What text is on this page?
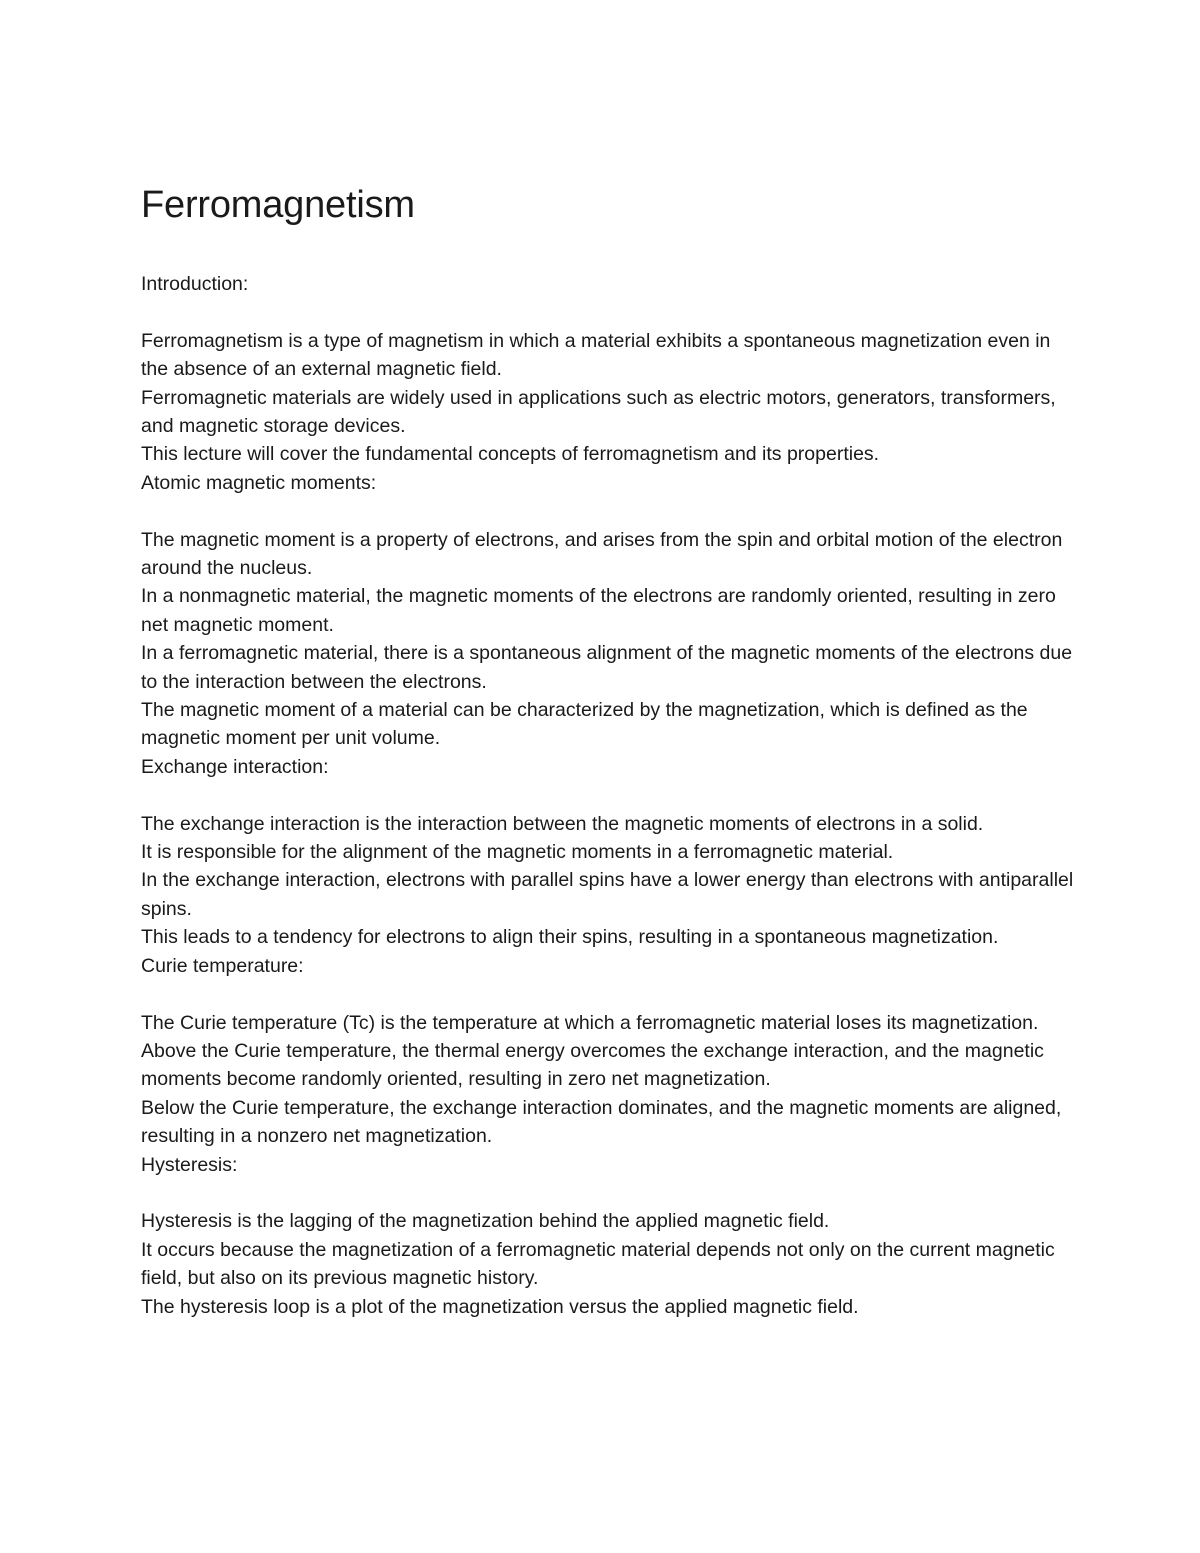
Ferromagnetism
Introduction:
Ferromagnetism is a type of magnetism in which a material exhibits a spontaneous magnetization even in the absence of an external magnetic field.
Ferromagnetic materials are widely used in applications such as electric motors, generators, transformers, and magnetic storage devices.
This lecture will cover the fundamental concepts of ferromagnetism and its properties.
Atomic magnetic moments:
The magnetic moment is a property of electrons, and arises from the spin and orbital motion of the electron around the nucleus.
In a nonmagnetic material, the magnetic moments of the electrons are randomly oriented, resulting in zero net magnetic moment.
In a ferromagnetic material, there is a spontaneous alignment of the magnetic moments of the electrons due to the interaction between the electrons.
The magnetic moment of a material can be characterized by the magnetization, which is defined as the magnetic moment per unit volume.
Exchange interaction:
The exchange interaction is the interaction between the magnetic moments of electrons in a solid.
It is responsible for the alignment of the magnetic moments in a ferromagnetic material.
In the exchange interaction, electrons with parallel spins have a lower energy than electrons with antiparallel spins.
This leads to a tendency for electrons to align their spins, resulting in a spontaneous magnetization.
Curie temperature:
The Curie temperature (Tc) is the temperature at which a ferromagnetic material loses its magnetization.
Above the Curie temperature, the thermal energy overcomes the exchange interaction, and the magnetic moments become randomly oriented, resulting in zero net magnetization.
Below the Curie temperature, the exchange interaction dominates, and the magnetic moments are aligned, resulting in a nonzero net magnetization.
Hysteresis:
Hysteresis is the lagging of the magnetization behind the applied magnetic field.
It occurs because the magnetization of a ferromagnetic material depends not only on the current magnetic field, but also on its previous magnetic history.
The hysteresis loop is a plot of the magnetization versus the applied magnetic field.
